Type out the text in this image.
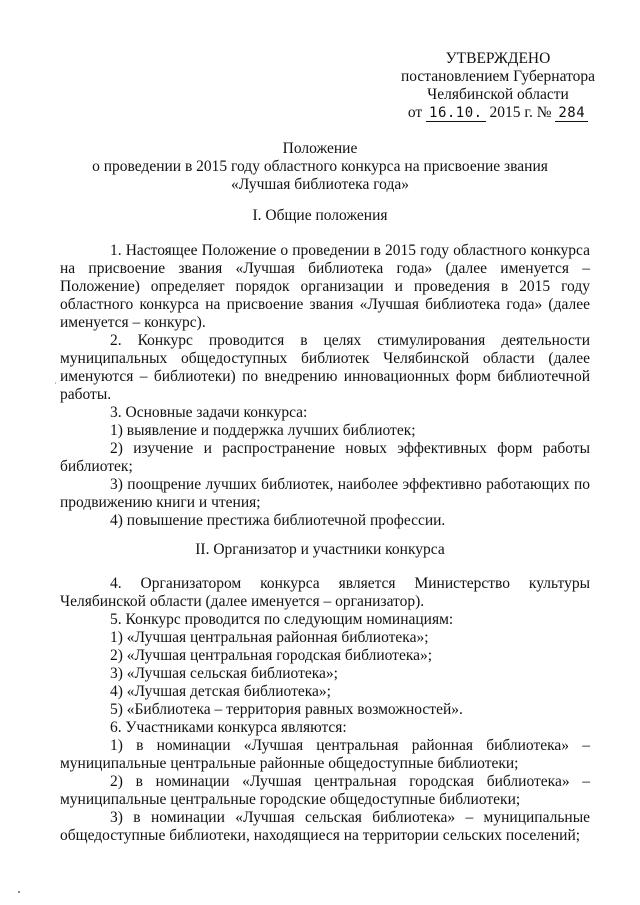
УТВЕРЖДЕНО
постановлением Губернатора
Челябинской области
от 16.10. 2015 г. № 284
Положение
о проведении в 2015 году областного конкурса на присвоение звания
«Лучшая библиотека года»
I. Общие положения

1. Настоящее Положение о проведении в 2015 году областного конкурса на присвоение звания «Лучшая библиотека года» (далее именуется – Положение) определяет порядок организации и проведения в 2015 году областного конкурса на присвоение звания «Лучшая библиотека года» (далее именуется – конкурс).

2. Конкурс проводится в целях стимулирования деятельности муниципальных общедоступных библиотек Челябинской области (далее именуются – библиотеки) по внедрению инновационных форм библиотечной работы.

3. Основные задачи конкурса:

1) выявление и поддержка лучших библиотек;

2) изучение и распространение новых эффективных форм работы библиотек;

3) поощрение лучших библиотек, наиболее эффективно работающих по продвижению книги и чтения;

4) повышение престижа библиотечной профессии.

II. Организатор и участники конкурса

4. Организатором конкурса является Министерство культуры Челябинской области (далее именуется – организатор).

5. Конкурс проводится по следующим номинациям:

1) «Лучшая центральная районная библиотека»;

2) «Лучшая центральная городская библиотека»;

3) «Лучшая сельская библиотека»;

4) «Лучшая детская библиотека»;

5) «Библиотека – территория равных возможностей».

6. Участниками конкурса являются:

1) в номинации «Лучшая центральная районная библиотека» – муниципальные центральные районные общедоступные библиотеки;

2) в номинации «Лучшая центральная городская библиотека» – муниципальные центральные городские общедоступные библиотеки;

3) в номинации «Лучшая сельская библиотека» – муниципальные общедоступные библиотеки, находящиеся на территории сельских поселений;
